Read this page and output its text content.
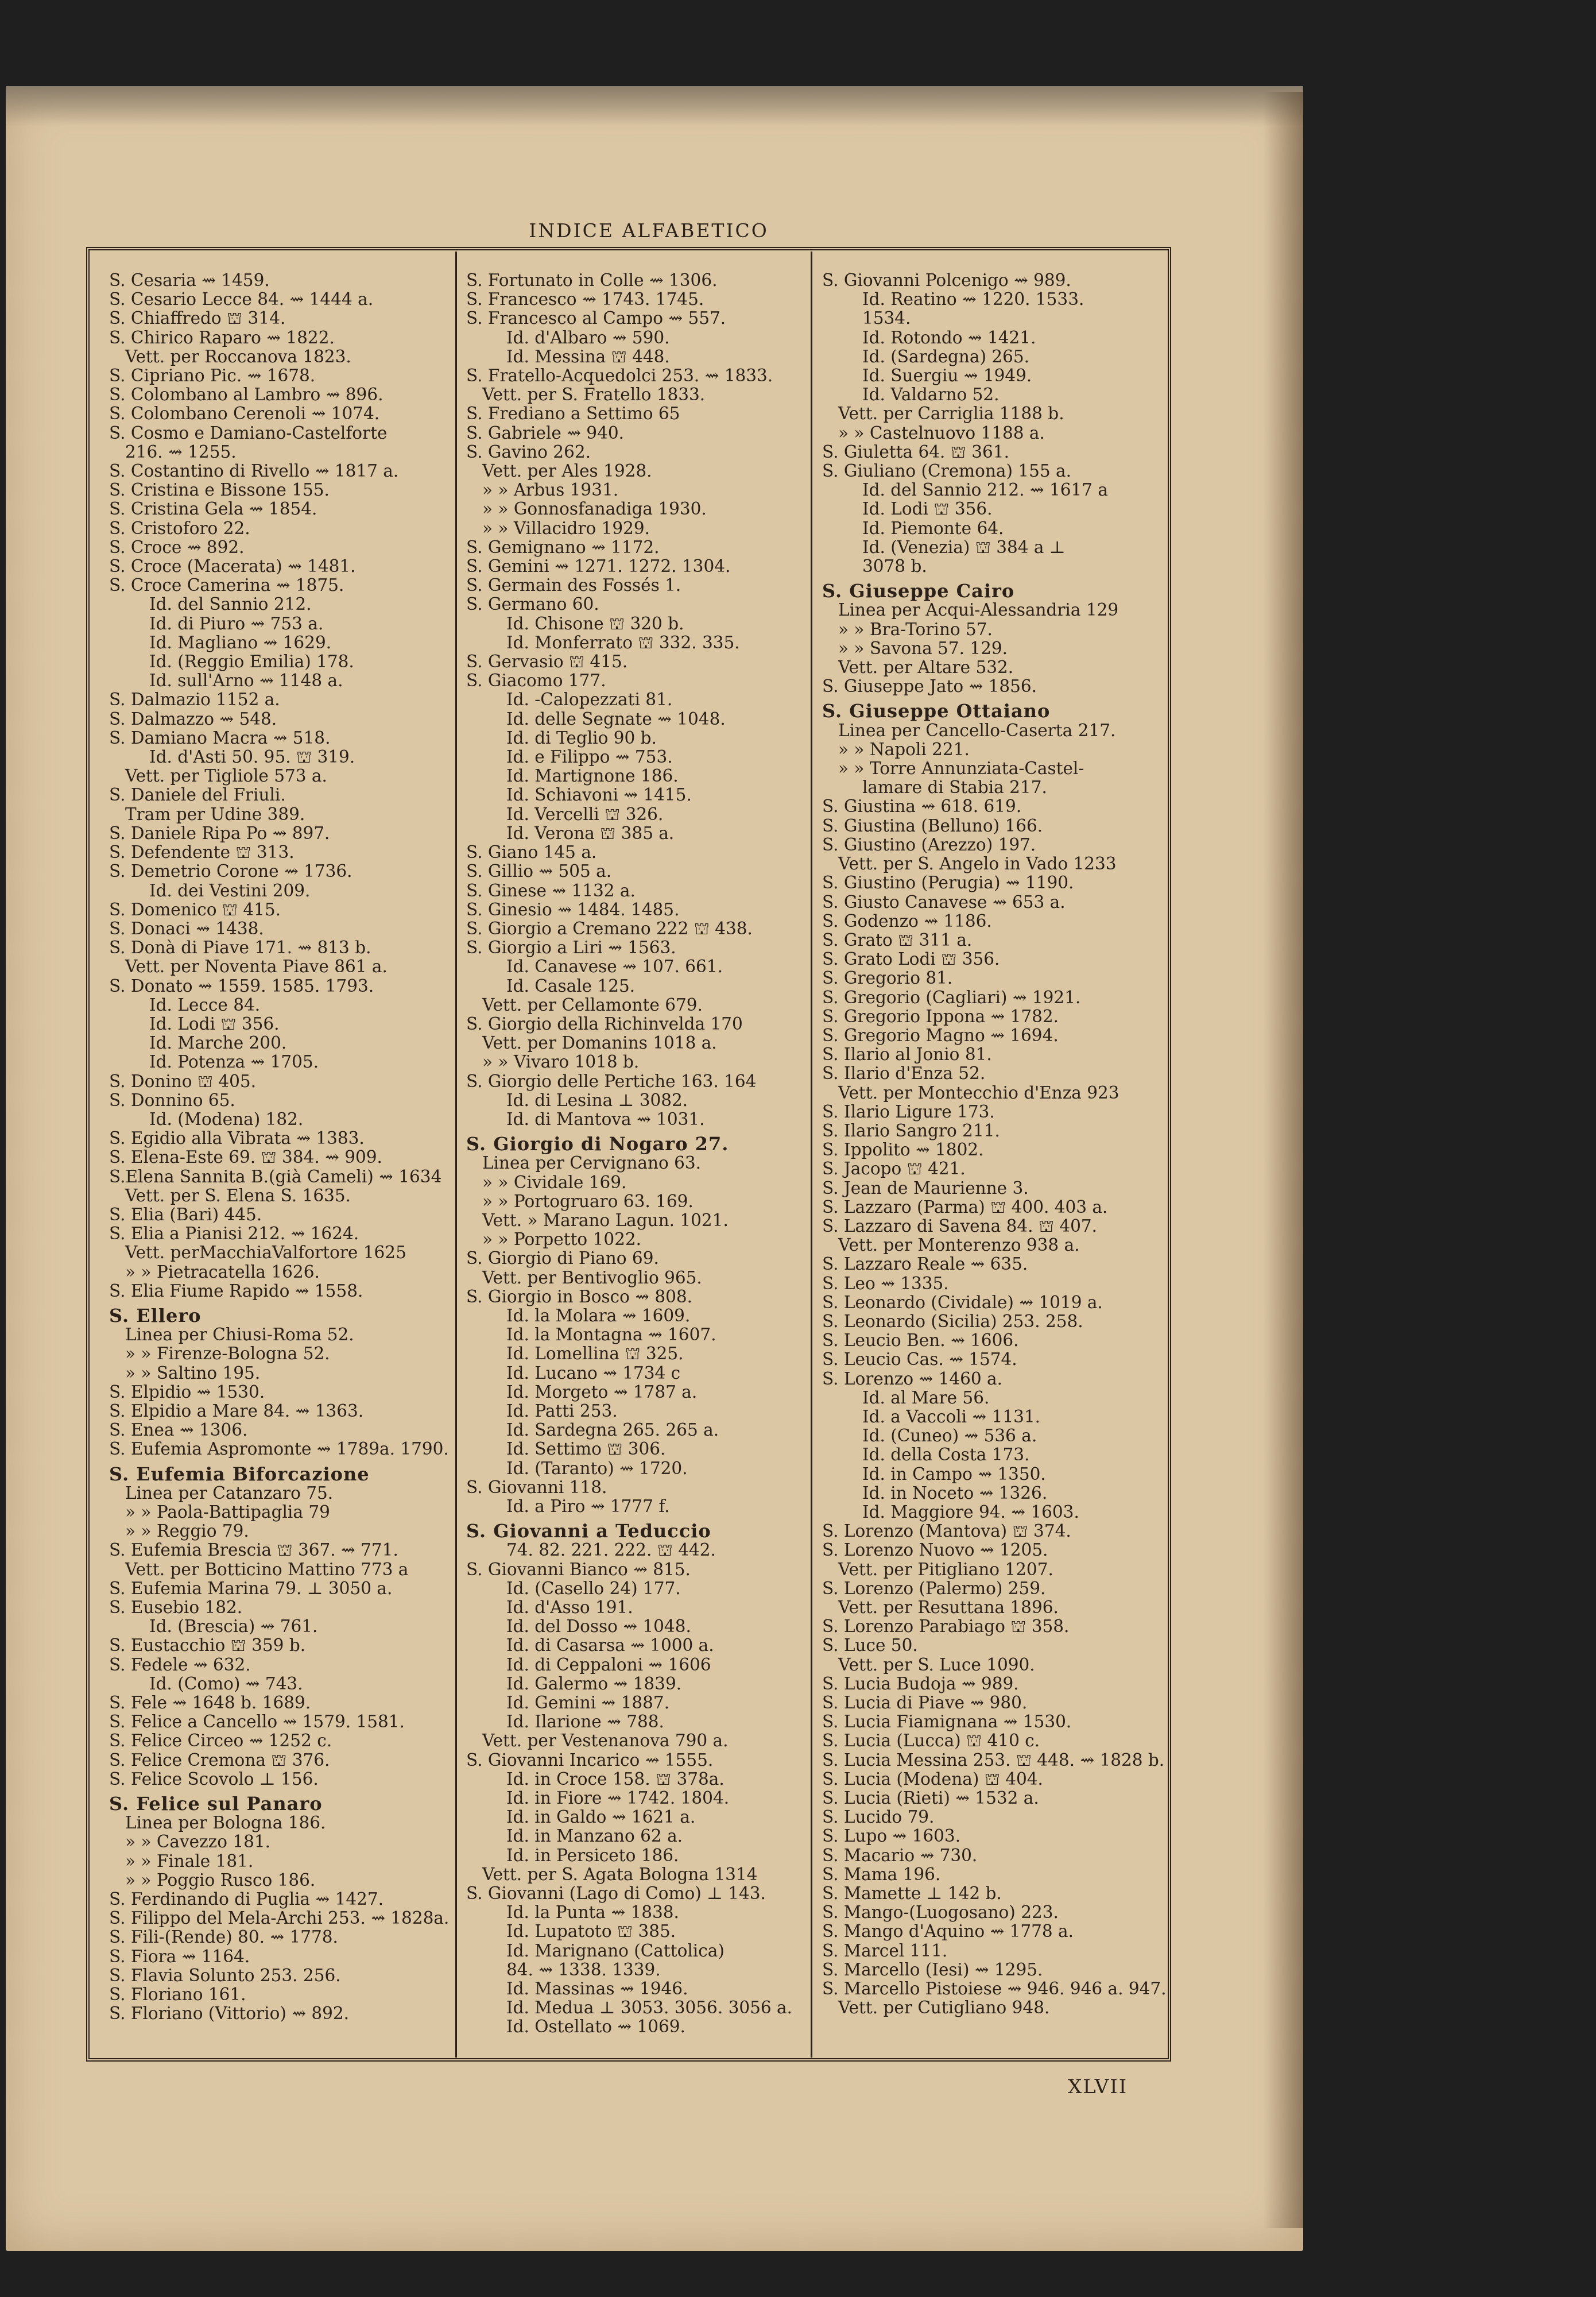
INDICE ALFABETICO
S. Cesaria ⇝ 1459.
S. Cesario Lecce 84. ⇝ 1444 a.
S. Chiaffredo ⛫ 314.
S. Chirico Raparo ⇝ 1822.
Vett. per Roccanova 1823.
S. Cipriano Pic. ⇝ 1678.
S. Colombano al Lambro ⇝ 896.
S. Colombano Cerenoli ⇝ 1074.
S. Cosmo e Damiano-Castelforte
216. ⇝ 1255.
S. Costantino di Rivello ⇝ 1817 a.
S. Cristina e Bissone 155.
S. Cristina Gela ⇝ 1854.
S. Cristoforo 22.
S. Croce ⇝ 892.
S. Croce (Macerata) ⇝ 1481.
S. Croce Camerina ⇝ 1875.
Id. del Sannio 212.
Id. di Piuro ⇝ 753 a.
Id. Magliano ⇝ 1629.
Id. (Reggio Emilia) 178.
Id. sull'Arno ⇝ 1148 a.
S. Dalmazio 1152 a.
S. Dalmazzo ⇝ 548.
S. Damiano Macra ⇝ 518.
Id. d'Asti 50. 95. ⛫ 319.
Vett. per Tigliole 573 a.
S. Daniele del Friuli.
Tram per Udine 389.
S. Daniele Ripa Po ⇝ 897.
S. Defendente ⛫ 313.
S. Demetrio Corone ⇝ 1736.
Id. dei Vestini 209.
S. Domenico ⛫ 415.
S. Donaci ⇝ 1438.
S. Donà di Piave 171. ⇝ 813 b.
Vett. per Noventa Piave 861 a.
S. Donato ⇝ 1559. 1585. 1793.
Id. Lecce 84.
Id. Lodi ⛫ 356.
Id. Marche 200.
Id. Potenza ⇝ 1705.
S. Donino ⛫ 405.
S. Donnino 65.
Id. (Modena) 182.
S. Egidio alla Vibrata ⇝ 1383.
S. Elena-Este 69. ⛫ 384. ⇝ 909.
S.Elena Sannita B.(già Cameli) ⇝ 1634
Vett. per S. Elena S. 1635.
S. Elia (Bari) 445.
S. Elia a Pianisi 212. ⇝ 1624.
Vett. perMacchiaValfortore 1625
» » Pietracatella 1626.
S. Elia Fiume Rapido ⇝ 1558.
S. Ellero
Linea per Chiusi-Roma 52.
» » Firenze-Bologna 52.
» » Saltino 195.
S. Elpidio ⇝ 1530.
S. Elpidio a Mare 84. ⇝ 1363.
S. Enea ⇝ 1306.
S. Eufemia Aspromonte ⇝ 1789a. 1790.
S. Eufemia Biforcazione
Linea per Catanzaro 75.
» » Paola-Battipaglia 79
» » Reggio 79.
S. Eufemia Brescia ⛫ 367. ⇝ 771.
Vett. per Botticino Mattino 773 a
S. Eufemia Marina 79. ⊥ 3050 a.
S. Eusebio 182.
Id. (Brescia) ⇝ 761.
S. Eustacchio ⛫ 359 b.
S. Fedele ⇝ 632.
Id. (Como) ⇝ 743.
S. Fele ⇝ 1648 b. 1689.
S. Felice a Cancello ⇝ 1579. 1581.
S. Felice Circeo ⇝ 1252 c.
S. Felice Cremona ⛫ 376.
S. Felice Scovolo ⊥ 156.
S. Felice sul Panaro
Linea per Bologna 186.
» » Cavezzo 181.
» » Finale 181.
» » Poggio Rusco 186.
S. Ferdinando di Puglia ⇝ 1427.
S. Filippo del Mela-Archi 253. ⇝ 1828a.
S. Fili-(Rende) 80. ⇝ 1778.
S. Fiora ⇝ 1164.
S. Flavia Solunto 253. 256.
S. Floriano 161.
S. Floriano (Vittorio) ⇝ 892.
S. Fortunato in Colle ⇝ 1306.
S. Francesco ⇝ 1743. 1745.
S. Francesco al Campo ⇝ 557.
Id. d'Albaro ⇝ 590.
Id. Messina ⛫ 448.
S. Fratello-Acquedolci 253. ⇝ 1833.
Vett. per S. Fratello 1833.
S. Frediano a Settimo 65
S. Gabriele ⇝ 940.
S. Gavino 262.
Vett. per Ales 1928.
» » Arbus 1931.
» » Gonnosfanadiga 1930.
» » Villacidro 1929.
S. Gemignano ⇝ 1172.
S. Gemini ⇝ 1271. 1272. 1304.
S. Germain des Fossés 1.
S. Germano 60.
Id. Chisone ⛫ 320 b.
Id. Monferrato ⛫ 332. 335.
S. Gervasio ⛫ 415.
S. Giacomo 177.
Id. -Calopezzati 81.
Id. delle Segnate ⇝ 1048.
Id. di Teglio 90 b.
Id. e Filippo ⇝ 753.
Id. Martignone 186.
Id. Schiavoni ⇝ 1415.
Id. Vercelli ⛫ 326.
Id. Verona ⛫ 385 a.
S. Giano 145 a.
S. Gillio ⇝ 505 a.
S. Ginese ⇝ 1132 a.
S. Ginesio ⇝ 1484. 1485.
S. Giorgio a Cremano 222 ⛫ 438.
S. Giorgio a Liri ⇝ 1563.
Id. Canavese ⇝ 107. 661.
Id. Casale 125.
Vett. per Cellamonte 679.
S. Giorgio della Richinvelda 170
Vett. per Domanins 1018 a.
» » Vivaro 1018 b.
S. Giorgio delle Pertiche 163. 164
Id. di Lesina ⊥ 3082.
Id. di Mantova ⇝ 1031.
S. Giorgio di Nogaro 27.
Linea per Cervignano 63.
» » Cividale 169.
» » Portogruaro 63. 169.
Vett. » Marano Lagun. 1021.
» » Porpetto 1022.
S. Giorgio di Piano 69.
Vett. per Bentivoglio 965.
S. Giorgio in Bosco ⇝ 808.
Id. la Molara ⇝ 1609.
Id. la Montagna ⇝ 1607.
Id. Lomellina ⛫ 325.
Id. Lucano ⇝ 1734 c
Id. Morgeto ⇝ 1787 a.
Id. Patti 253.
Id. Sardegna 265. 265 a.
Id. Settimo ⛫ 306.
Id. (Taranto) ⇝ 1720.
S. Giovanni 118.
Id. a Piro ⇝ 1777 f.
S. Giovanni a Teduccio
74. 82. 221. 222. ⛫ 442.
S. Giovanni Bianco ⇝ 815.
Id. (Casello 24) 177.
Id. d'Asso 191.
Id. del Dosso ⇝ 1048.
Id. di Casarsa ⇝ 1000 a.
Id. di Ceppaloni ⇝ 1606
Id. Galermo ⇝ 1839.
Id. Gemini ⇝ 1887.
Id. Ilarione ⇝ 788.
Vett. per Vestenanova 790 a.
S. Giovanni Incarico ⇝ 1555.
Id. in Croce 158. ⛫ 378a.
Id. in Fiore ⇝ 1742. 1804.
Id. in Galdo ⇝ 1621 a.
Id. in Manzano 62 a.
Id. in Persiceto 186.
Vett. per S. Agata Bologna 1314
S. Giovanni (Lago di Como) ⊥ 143.
Id. la Punta ⇝ 1838.
Id. Lupatoto ⛫ 385.
Id. Marignano (Cattolica)
84. ⇝ 1338. 1339.
Id. Massinas ⇝ 1946.
Id. Medua ⊥ 3053. 3056. 3056 a.
Id. Ostellato ⇝ 1069.
S. Giovanni Polcenigo ⇝ 989.
Id. Reatino ⇝ 1220. 1533.
1534.
Id. Rotondo ⇝ 1421.
Id. (Sardegna) 265.
Id. Suergiu ⇝ 1949.
Id. Valdarno 52.
Vett. per Carriglia 1188 b.
» » Castelnuovo 1188 a.
S. Giuletta 64. ⛫ 361.
S. Giuliano (Cremona) 155 a.
Id. del Sannio 212. ⇝ 1617 a
Id. Lodi ⛫ 356.
Id. Piemonte 64.
Id. (Venezia) ⛫ 384 a ⊥
3078 b.
S. Giuseppe Cairo
Linea per Acqui-Alessandria 129
» » Bra-Torino 57.
» » Savona 57. 129.
Vett. per Altare 532.
S. Giuseppe Jato ⇝ 1856.
S. Giuseppe Ottaiano
Linea per Cancello-Caserta 217.
» » Napoli 221.
» » Torre Annunziata-Castel-
lamare di Stabia 217.
S. Giustina ⇝ 618. 619.
S. Giustina (Belluno) 166.
S. Giustino (Arezzo) 197.
Vett. per S. Angelo in Vado 1233
S. Giustino (Perugia) ⇝ 1190.
S. Giusto Canavese ⇝ 653 a.
S. Godenzo ⇝ 1186.
S. Grato ⛫ 311 a.
S. Grato Lodi ⛫ 356.
S. Gregorio 81.
S. Gregorio (Cagliari) ⇝ 1921.
S. Gregorio Ippona ⇝ 1782.
S. Gregorio Magno ⇝ 1694.
S. Ilario al Jonio 81.
S. Ilario d'Enza 52.
Vett. per Montecchio d'Enza 923
S. Ilario Ligure 173.
S. Ilario Sangro 211.
S. Ippolito ⇝ 1802.
S. Jacopo ⛫ 421.
S. Jean de Maurienne 3.
S. Lazzaro (Parma) ⛫ 400. 403 a.
S. Lazzaro di Savena 84. ⛫ 407.
Vett. per Monterenzo 938 a.
S. Lazzaro Reale ⇝ 635.
S. Leo ⇝ 1335.
S. Leonardo (Cividale) ⇝ 1019 a.
S. Leonardo (Sicilia) 253. 258.
S. Leucio Ben. ⇝ 1606.
S. Leucio Cas. ⇝ 1574.
S. Lorenzo ⇝ 1460 a.
Id. al Mare 56.
Id. a Vaccoli ⇝ 1131.
Id. (Cuneo) ⇝ 536 a.
Id. della Costa 173.
Id. in Campo ⇝ 1350.
Id. in Noceto ⇝ 1326.
Id. Maggiore 94. ⇝ 1603.
S. Lorenzo (Mantova) ⛫ 374.
S. Lorenzo Nuovo ⇝ 1205.
Vett. per Pitigliano 1207.
S. Lorenzo (Palermo) 259.
Vett. per Resuttana 1896.
S. Lorenzo Parabiago ⛫ 358.
S. Luce 50.
Vett. per S. Luce 1090.
S. Lucia Budoja ⇝ 989.
S. Lucia di Piave ⇝ 980.
S. Lucia Fiamignana ⇝ 1530.
S. Lucia (Lucca) ⛫ 410 c.
S. Lucia Messina 253. ⛫ 448. ⇝ 1828 b.
S. Lucia (Modena) ⛫ 404.
S. Lucia (Rieti) ⇝ 1532 a.
S. Lucido 79.
S. Lupo ⇝ 1603.
S. Macario ⇝ 730.
S. Mama 196.
S. Mamette ⊥ 142 b.
S. Mango-(Luogosano) 223.
S. Mango d'Aquino ⇝ 1778 a.
S. Marcel 111.
S. Marcello (Iesi) ⇝ 1295.
S. Marcello Pistoiese ⇝ 946. 946 a. 947.
Vett. per Cutigliano 948.
XLVII
